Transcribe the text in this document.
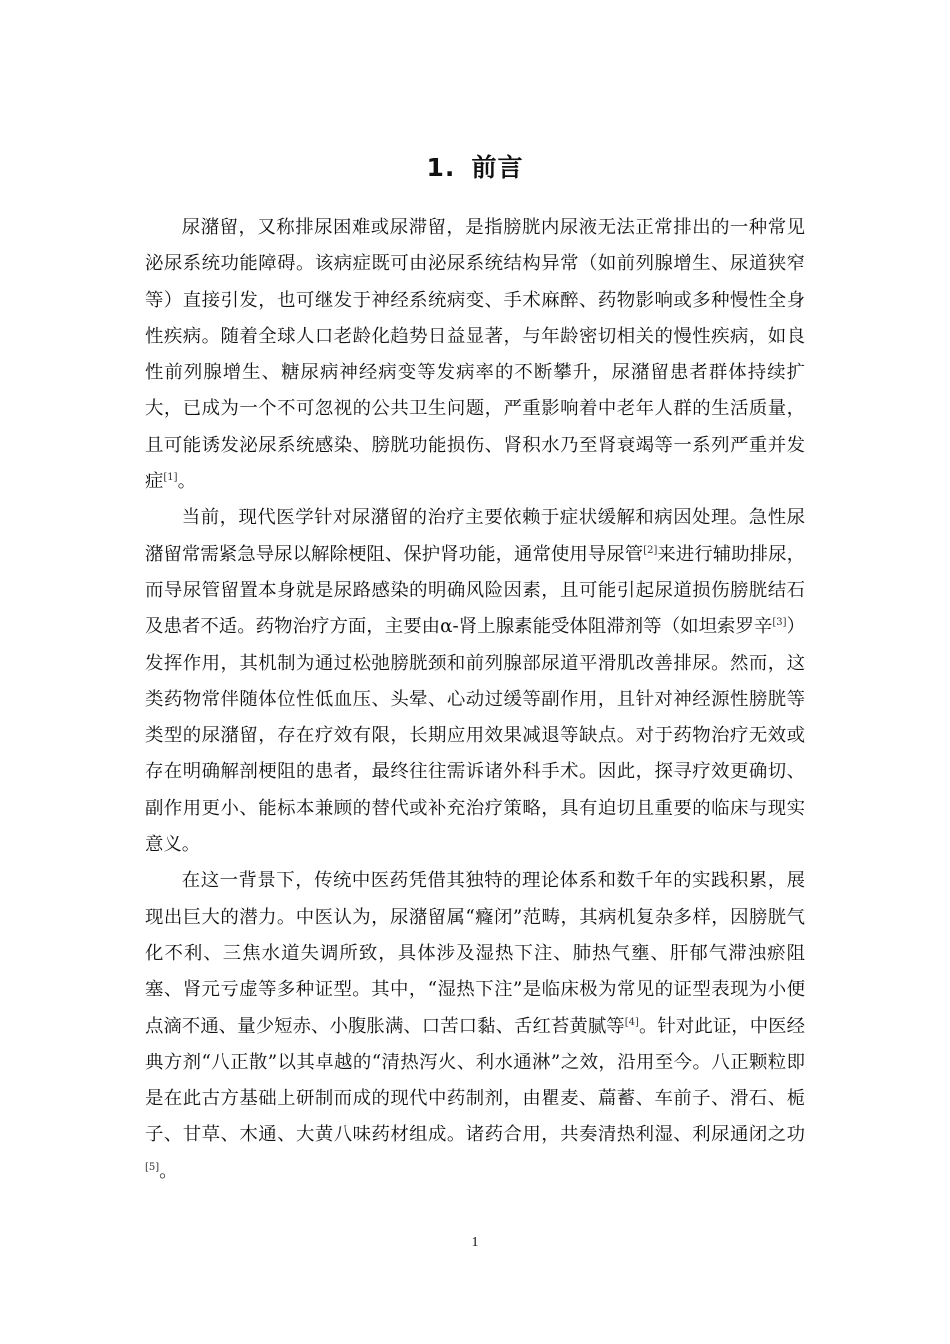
1. 前言

尿潴留，又称排尿困难或尿滞留，是指膀胱内尿液无法正常排出的一种常见泌尿系统功能障碍。该病症既可由泌尿系统结构异常（如前列腺增生、尿道狭窄等）直接引发，也可继发于神经系统病变、手术麻醉、药物影响或多种慢性全身性疾病。随着全球人口老龄化趋势日益显著，与年龄密切相关的慢性疾病，如良性前列腺增生、糖尿病神经病变等发病率的不断攀升，尿潴留患者群体持续扩大，已成为一个不可忽视的公共卫生问题，严重影响着中老年人群的生活质量，且可能诱发泌尿系统感染、膀胱功能损伤、肾积水乃至肾衰竭等一系列严重并发症[1]。

当前，现代医学针对尿潴留的治疗主要依赖于症状缓解和病因处理。急性尿潴留常需紧急导尿以解除梗阻、保护肾功能，通常使用导尿管[2]来进行辅助排尿，而导尿管留置本身就是尿路感染的明确风险因素，且可能引起尿道损伤膀胱结石及患者不适。药物治疗方面，主要由α-肾上腺素能受体阻滞剂等（如坦索罗辛[3]）发挥作用，其机制为通过松弛膀胱颈和前列腺部尿道平滑肌改善排尿。然而，这类药物常伴随体位性低血压、头晕、心动过缓等副作用，且针对神经源性膀胱等类型的尿潴留，存在疗效有限，长期应用效果减退等缺点。对于药物治疗无效或存在明确解剖梗阻的患者，最终往往需诉诸外科手术。因此，探寻疗效更确切、副作用更小、能标本兼顾的替代或补充治疗策略，具有迫切且重要的临床与现实意义。

在这一背景下，传统中医药凭借其独特的理论体系和数千年的实践积累，展现出巨大的潜力。中医认为，尿潴留属“癃闭”范畴，其病机复杂多样，因膀胱气化不利、三焦水道失调所致，具体涉及湿热下注、肺热气壅、肝郁气滞浊瘀阻塞、肾元亏虚等多种证型。其中，“湿热下注”是临床极为常见的证型表现为小便点滴不通、量少短赤、小腹胀满、口苦口黏、舌红苔黄腻等[4]。针对此证，中医经典方剂“八正散”以其卓越的“清热泻火、利水通淋”之效，沿用至今。八正颗粒即是在此古方基础上研制而成的现代中药制剂，由瞿麦、萹蓄、车前子、滑石、栀子、甘草、木通、大黄八味药材组成。诸药合用，共奏清热利湿、利尿通闭之功[5]。

1
